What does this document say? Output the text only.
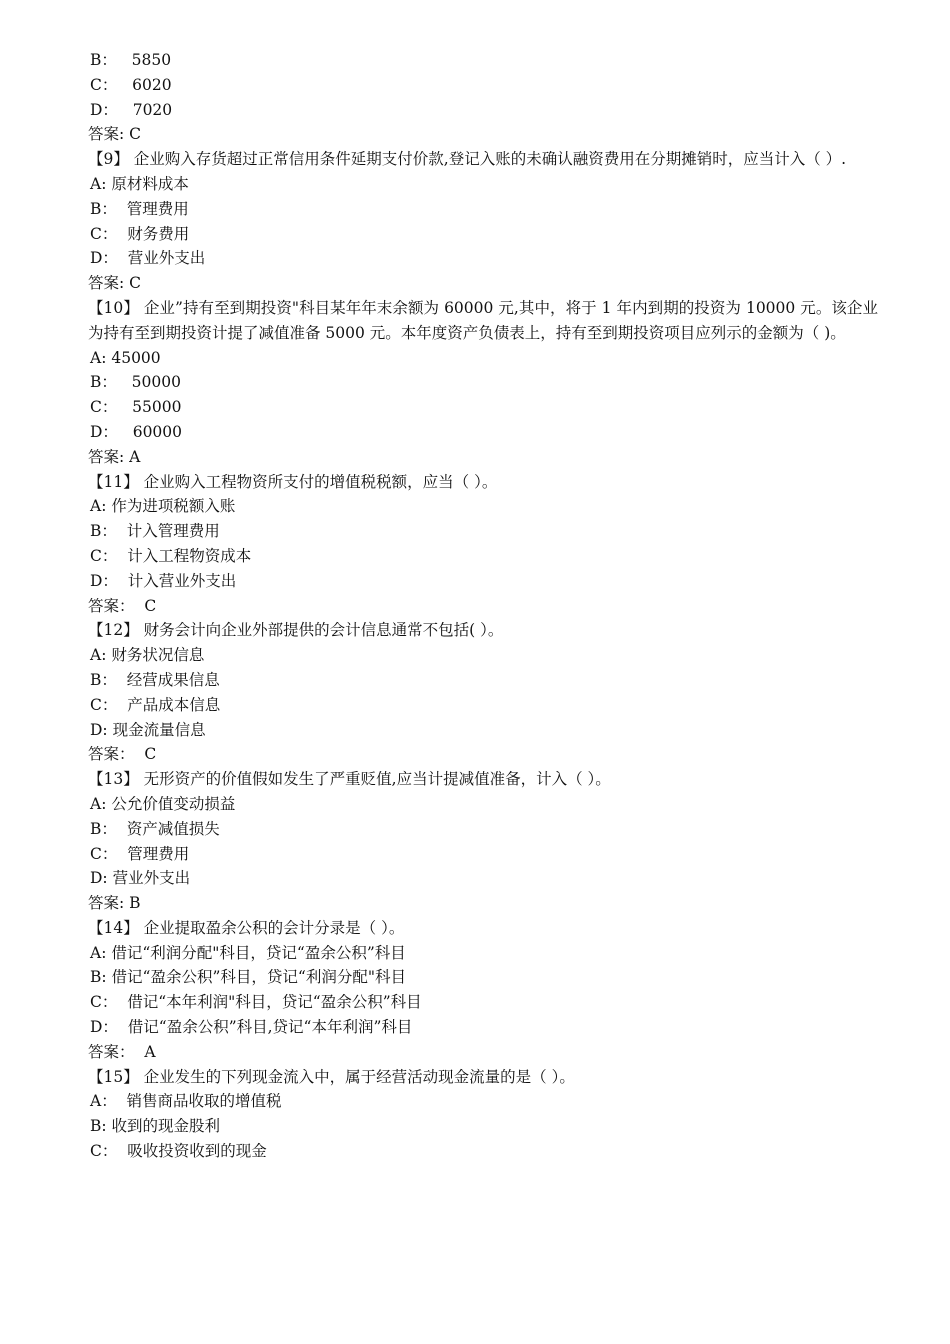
B：   5850

C：   6020

D：   7020

答案: C

【9】 企业购入存货超过正常信用条件延期支付价款,登记入账的未确认融资费用在分期摊销时，应当计入（ ）.

A: 原材料成本

B：  管理费用

C：  财务费用

D：  营业外支出

答案: C

【10】 企业”持有至到期投资"科目某年年末余额为 60000 元,其中，将于 1 年内到期的投资为 10000 元。该企业为持有至到期投资计提了减值准备 5000 元。本年度资产负债表上，持有至到期投资项目应列示的金额为（ )。

A: 45000

B：   50000

C：   55000

D：   60000

答案: A

【11】 企业购入工程物资所支付的增值税税额，应当（ ）。

A: 作为进项税额入账

B：  计入管理费用

C：  计入工程物资成本

D：  计入营业外支出

答案：  C

【12】 财务会计向企业外部提供的会计信息通常不包括( ）。

A: 财务状况信息

B：  经营成果信息

C：  产品成本信息

D: 现金流量信息

答案：  C

【13】 无形资产的价值假如发生了严重贬值,应当计提减值准备，计入（ ）。

A: 公允价值变动损益

B：  资产减值损失

C：  管理费用

D: 营业外支出

答案: B

【14】 企业提取盈余公积的会计分录是（ ）。

A: 借记“利润分配"科目，贷记“盈余公积”科目

B: 借记“盈余公积”科目，贷记“利润分配"科目

C：  借记“本年利润"科目，贷记“盈余公积”科目

D：  借记“盈余公积”科目,贷记“本年利润”科目

答案：  A

【15】 企业发生的下列现金流入中，属于经营活动现金流量的是（ ）。

A：  销售商品收取的增值税

B: 收到的现金股利

C：  吸收投资收到的现金
